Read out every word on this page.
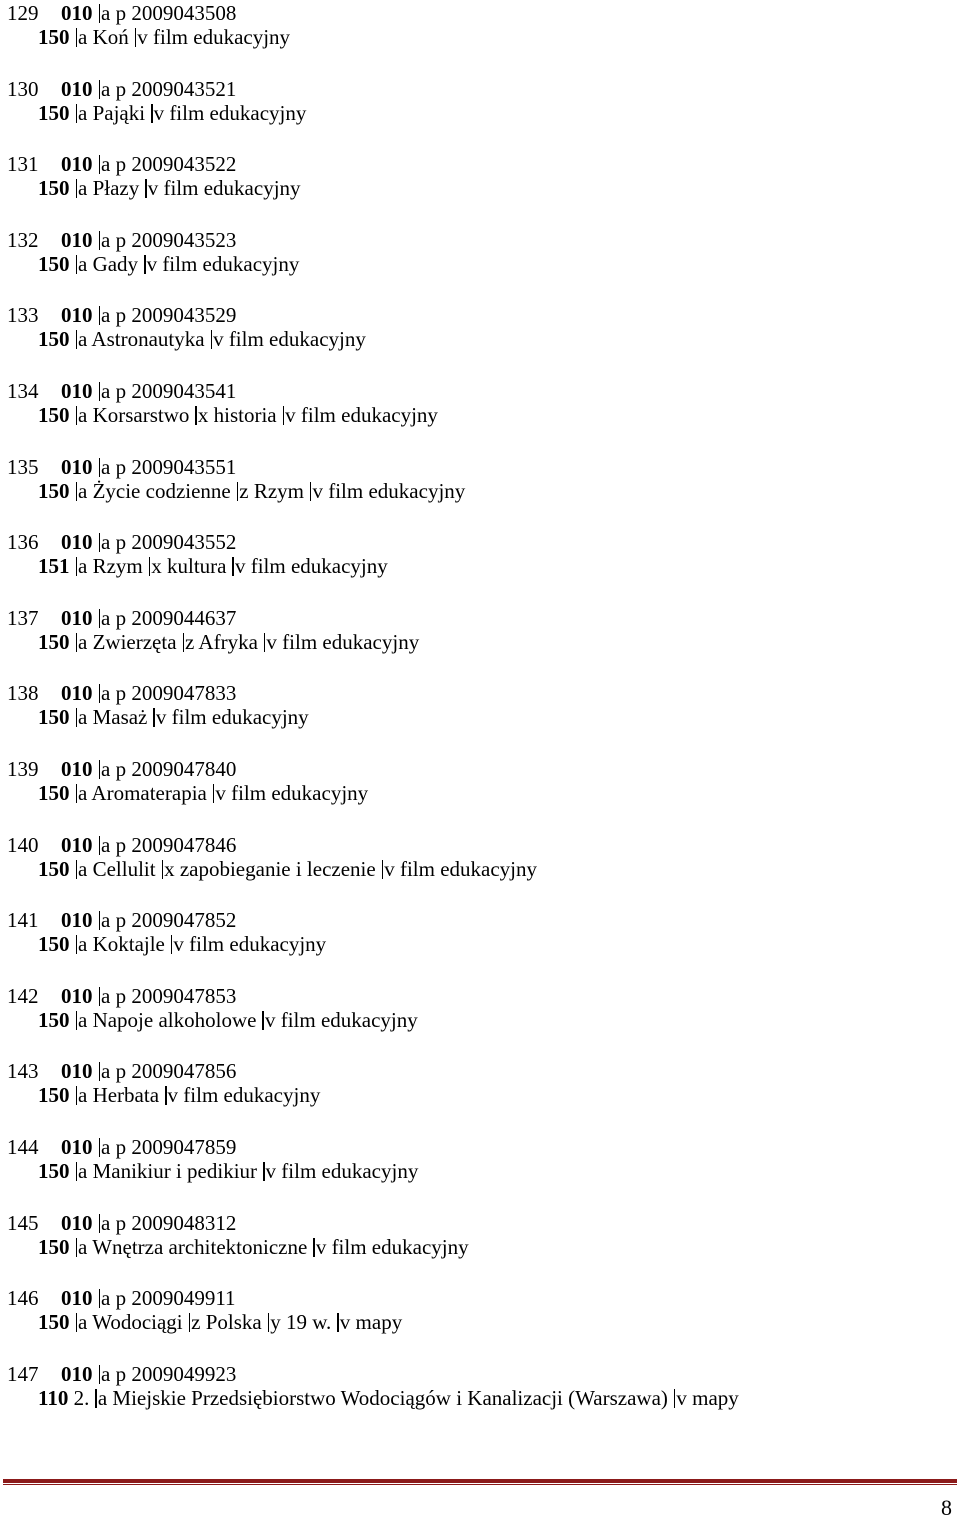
129 010 a p 2009043508
150 a Koń v film edukacyjny
130 010 a p 2009043521
150 a Pająki v film edukacyjny
131 010 a p 2009043522
150 a Płazy v film edukacyjny
132 010 a p 2009043523
150 a Gady v film edukacyjny
133 010 a p 2009043529
150 a Astronautyka v film edukacyjny
134 010 a p 2009043541
150 a Korsarstwo x historia v film edukacyjny
135 010 a p 2009043551
150 a Życie codzienne z Rzym v film edukacyjny
136 010 a p 2009043552
151 a Rzym x kultura v film edukacyjny
137 010 a p 2009044637
150 a Zwierzęta z Afryka v film edukacyjny
138 010 a p 2009047833
150 a Masaż v film edukacyjny
139 010 a p 2009047840
150 a Aromaterapia v film edukacyjny
140 010 a p 2009047846
150 a Cellulit x zapobieganie i leczenie v film edukacyjny
141 010 a p 2009047852
150 a Koktajle v film edukacyjny
142 010 a p 2009047853
150 a Napoje alkoholowe v film edukacyjny
143 010 a p 2009047856
150 a Herbata v film edukacyjny
144 010 a p 2009047859
150 a Manikiur i pedikiur v film edukacyjny
145 010 a p 2009048312
150 a Wnętrza architektoniczne v film edukacyjny
146 010 a p 2009049911
150 a Wodociągi z Polska y 19 w. v mapy
147 010 a p 2009049923
110 2. a Miejskie Przedsiębiorstwo Wodociągów i Kanalizacji (Warszawa) v mapy
8
